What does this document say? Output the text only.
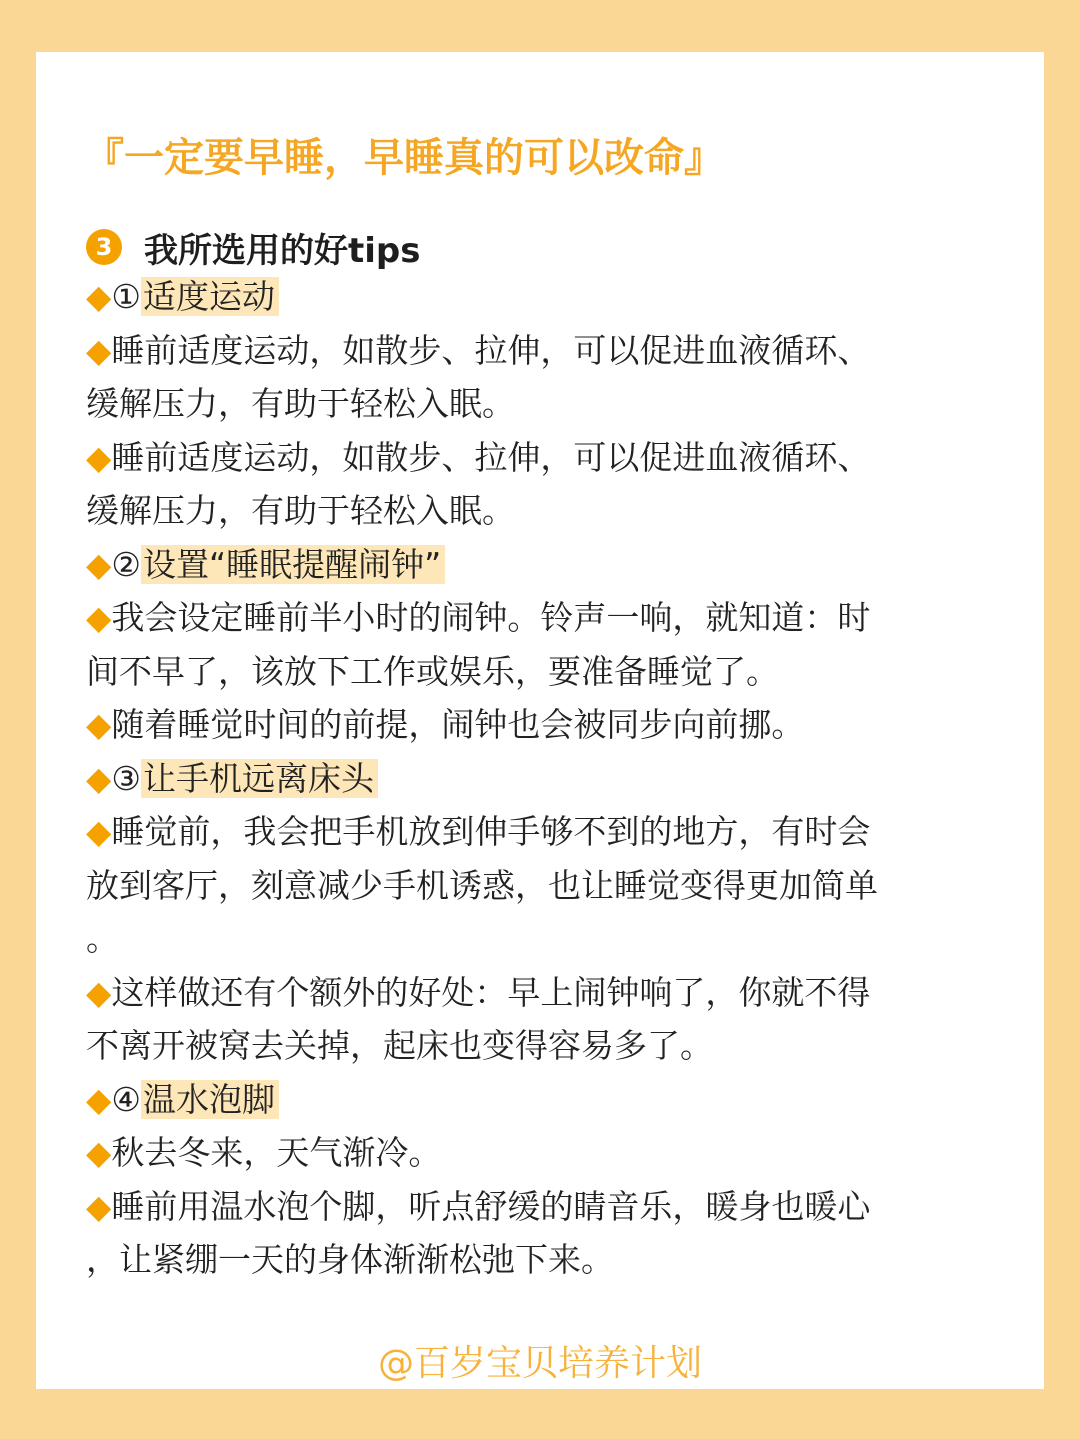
『一定要早睡，早睡真的可以改命』
3 我所选用的好tips
◆①适度运动
◆睡前适度运动，如散步、拉伸，可以促进血液循环、
缓解压力，有助于轻松入眠。
◆睡前适度运动，如散步、拉伸，可以促进血液循环、
缓解压力，有助于轻松入眠。
◆②设置“睡眠提醒闹钟”
◆我会设定睡前半小时的闹钟。铃声一响，就知道：时
间不早了，该放下工作或娱乐，要准备睡觉了。
◆随着睡觉时间的前提，闹钟也会被同步向前挪。
◆③让手机远离床头
◆睡觉前，我会把手机放到伸手够不到的地方，有时会
放到客厅，刻意减少手机诱惑，也让睡觉变得更加简单
。
◆这样做还有个额外的好处：早上闹钟响了，你就不得
不离开被窝去关掉，起床也变得容易多了。
◆④温水泡脚
◆秋去冬来，天气渐冷。
◆睡前用温水泡个脚，听点舒缓的睛音乐，暖身也暖心
，让紧绷一天的身体渐渐松弛下来。
@百岁宝贝培养计划
